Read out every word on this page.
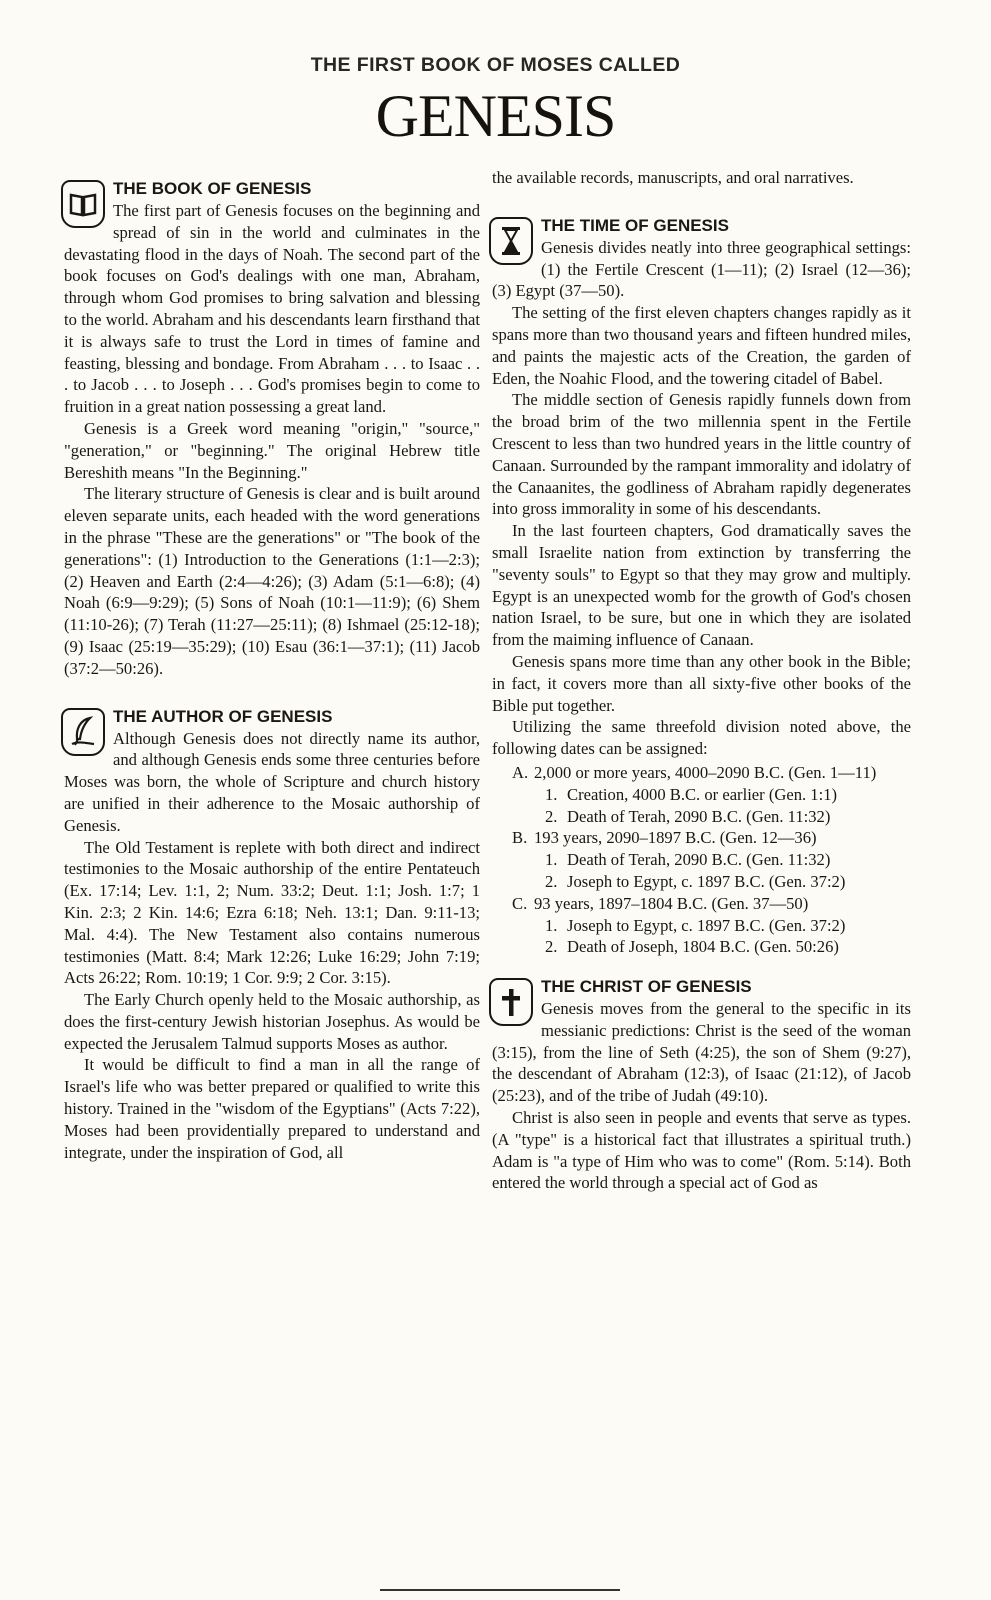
THE FIRST BOOK OF MOSES CALLED
GENESIS
THE BOOK OF GENESIS

The first part of Genesis focuses on the beginning and spread of sin in the world and culminates in the devastating flood in the days of Noah. The second part of the book focuses on God's dealings with one man, Abraham, through whom God promises to bring salvation and blessing to the world. Abraham and his descendants learn firsthand that it is always safe to trust the Lord in times of famine and feasting, blessing and bondage. From Abraham . . . to Isaac . . . to Jacob . . . to Joseph . . . God's promises begin to come to fruition in a great nation possessing a great land.

Genesis is a Greek word meaning "origin," "source," "generation," or "beginning." The original Hebrew title Bereshith means "In the Beginning."

The literary structure of Genesis is clear and is built around eleven separate units, each headed with the word generations in the phrase "These are the generations" or "The book of the generations": (1) Introduction to the Generations (1:1—2:3); (2) Heaven and Earth (2:4—4:26); (3) Adam (5:1—6:8); (4) Noah (6:9—9:29); (5) Sons of Noah (10:1—11:9); (6) Shem (11:10-26); (7) Terah (11:27—25:11); (8) Ishmael (25:12-18); (9) Isaac (25:19—35:29); (10) Esau (36:1—37:1); (11) Jacob (37:2—50:26).

THE AUTHOR OF GENESIS

Although Genesis does not directly name its author, and although Genesis ends some three centuries before Moses was born, the whole of Scripture and church history are unified in their adherence to the Mosaic authorship of Genesis.

The Old Testament is replete with both direct and indirect testimonies to the Mosaic authorship of the entire Pentateuch (Ex. 17:14; Lev. 1:1, 2; Num. 33:2; Deut. 1:1; Josh. 1:7; 1 Kin. 2:3; 2 Kin. 14:6; Ezra 6:18; Neh. 13:1; Dan. 9:11-13; Mal. 4:4). The New Testament also contains numerous testimonies (Matt. 8:4; Mark 12:26; Luke 16:29; John 7:19; Acts 26:22; Rom. 10:19; 1 Cor. 9:9; 2 Cor. 3:15).

The Early Church openly held to the Mosaic authorship, as does the first-century Jewish historian Josephus. As would be expected the Jerusalem Talmud supports Moses as author.

It would be difficult to find a man in all the range of Israel's life who was better prepared or qualified to write this history. Trained in the "wisdom of the Egyptians" (Acts 7:22), Moses had been providentially prepared to understand and integrate, under the inspiration of God, all

the available records, manuscripts, and oral narratives.

THE TIME OF GENESIS

Genesis divides neatly into three geographical settings: (1) the Fertile Crescent (1—11); (2) Israel (12—36); (3) Egypt (37—50).

The setting of the first eleven chapters changes rapidly as it spans more than two thousand years and fifteen hundred miles, and paints the majestic acts of the Creation, the garden of Eden, the Noahic Flood, and the towering citadel of Babel.

The middle section of Genesis rapidly funnels down from the broad brim of the two millennia spent in the Fertile Crescent to less than two hundred years in the little country of Canaan. Surrounded by the rampant immorality and idolatry of the Canaanites, the godliness of Abraham rapidly degenerates into gross immorality in some of his descendants.

In the last fourteen chapters, God dramatically saves the small Israelite nation from extinction by transferring the "seventy souls" to Egypt so that they may grow and multiply. Egypt is an unexpected womb for the growth of God's chosen nation Israel, to be sure, but one in which they are isolated from the maiming influence of Canaan.

Genesis spans more time than any other book in the Bible; in fact, it covers more than all sixty-five other books of the Bible put together.

Utilizing the same threefold division noted above, the following dates can be assigned:

A. 2,000 or more years, 4000–2090 B.C. (Gen. 1—11)
1. Creation, 4000 B.C. or earlier (Gen. 1:1)
2. Death of Terah, 2090 B.C. (Gen. 11:32)
B. 193 years, 2090–1897 B.C. (Gen. 12—36)
1. Death of Terah, 2090 B.C. (Gen. 11:32)
2. Joseph to Egypt, c. 1897 B.C. (Gen. 37:2)
C. 93 years, 1897–1804 B.C. (Gen. 37—50)
1. Joseph to Egypt, c. 1897 B.C. (Gen. 37:2)
2. Death of Joseph, 1804 B.C. (Gen. 50:26)
THE CHRIST OF GENESIS

Genesis moves from the general to the specific in its messianic predictions: Christ is the seed of the woman (3:15), from the line of Seth (4:25), the son of Shem (9:27), the descendant of Abraham (12:3), of Isaac (21:12), of Jacob (25:23), and of the tribe of Judah (49:10).

Christ is also seen in people and events that serve as types. (A "type" is a historical fact that illustrates a spiritual truth.) Adam is "a type of Him who was to come" (Rom. 5:14). Both entered the world through a special act of God as
